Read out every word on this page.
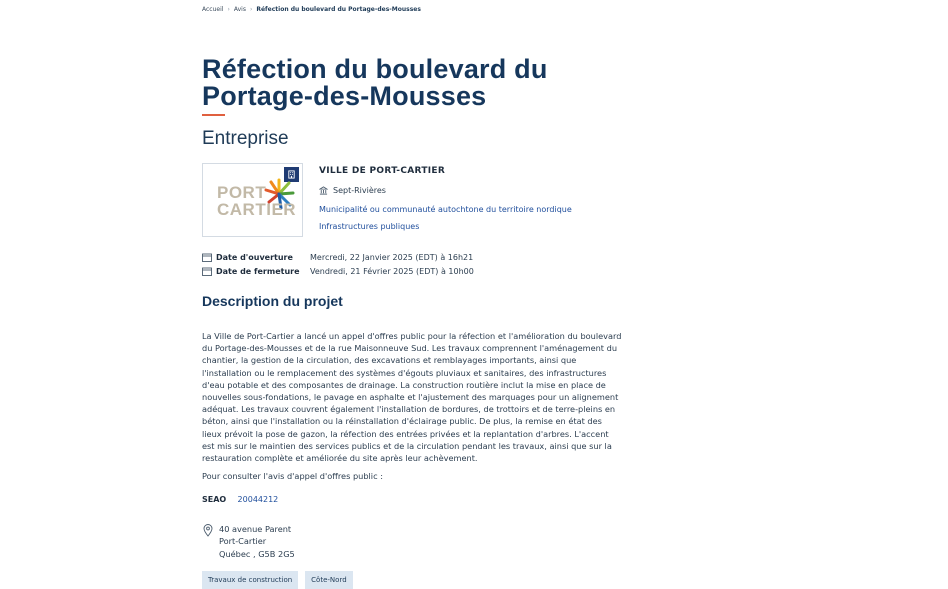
Accueil › Avis › Réfection du boulevard du Portage-des-Mousses
Réfection du boulevard du Portage-des-Mousses
Entreprise
PORT
CARTIER
VILLE DE PORT-CARTIER
Sept-Rivières
Municipalité ou communauté autochtone du territoire nordique
Infrastructures publiques
Date d'ouverture	Mercredi, 22 Janvier 2025 (EDT) à 16h21
Date de fermeture Vendredi, 21 Février 2025 (EDT) à 10h00
Description du projet

La Ville de Port-Cartier a lancé un appel d'offres public pour la réfection et l'amélioration du boulevard du Portage-des-Mousses et de la rue Maisonneuve Sud. Les travaux comprennent l'aménagement du chantier, la gestion de la circulation, des excavations et remblayages importants, ainsi que l'installation ou le remplacement des systèmes d'égouts pluviaux et sanitaires, des infrastructures d'eau potable et des composantes de drainage. La construction routière inclut la mise en place de nouvelles sous-fondations, le pavage en asphalte et l'ajustement des marquages pour un alignement adéquat. Les travaux couvrent également l'installation de bordures, de trottoirs et de terre-pleins en béton, ainsi que l'installation ou la réinstallation d'éclairage public. De plus, la remise en état des lieux prévoit la pose de gazon, la réfection des entrées privées et la replantation d'arbres. L'accent est mis sur le maintien des services publics et de la circulation pendant les travaux, ainsi que sur la restauration complète et améliorée du site après leur achèvement.

Pour consulter l'avis d'appel d'offres public :

SEAO 20044212
40 avenue Parent
Port-Cartier
Québec , G5B 2G5
Travaux de construction	Côte-Nord
